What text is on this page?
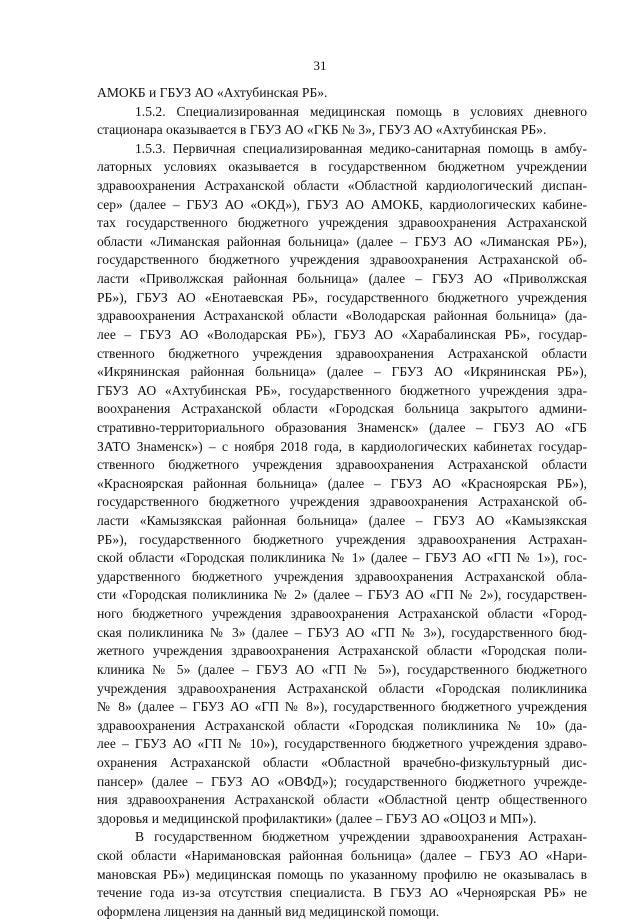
31
АМОКБ и ГБУЗ АО «Ахтубинская РБ».
1.5.2. Специализированная медицинская помощь в условиях дневного
стационара оказывается в ГБУЗ АО «ГКБ № 3», ГБУЗ АО «Ахтубинская РБ».
1.5.3. Первичная специализированная медико-санитарная помощь в амбу-
латорных условиях оказывается в государственном бюджетном учреждении
здравоохранения Астраханской области «Областной кардиологический диспан-
сер» (далее – ГБУЗ АО «ОКД»), ГБУЗ АО АМОКБ, кардиологических кабине-
тах государственного бюджетного учреждения здравоохранения Астраханской
области «Лиманская районная больница» (далее – ГБУЗ АО «Лиманская РБ»),
государственного бюджетного учреждения здравоохранения Астраханской об-
ласти «Приволжская районная больница» (далее – ГБУЗ АО «Приволжская
РБ»), ГБУЗ АО «Енотаевская РБ», государственного бюджетного учреждения
здравоохранения Астраханской области «Володарская районная больница» (да-
лее – ГБУЗ АО «Володарская РБ»), ГБУЗ АО «Харабалинская РБ», государ-
ственного бюджетного учреждения здравоохранения Астраханской области
«Икрянинская районная больница» (далее – ГБУЗ АО «Икрянинская РБ»),
ГБУЗ АО «Ахтубинская РБ», государственного бюджетного учреждения здра-
воохранения Астраханской области «Городская больница закрытого админи-
стративно-территориального образования Знаменск» (далее – ГБУЗ АО «ГБ
ЗАТО Знаменск») – с ноября 2018 года, в кардиологических кабинетах государ-
ственного бюджетного учреждения здравоохранения Астраханской области
«Красноярская районная больница» (далее – ГБУЗ АО «Красноярская РБ»),
государственного бюджетного учреждения здравоохранения Астраханской об-
ласти «Камызякская районная больница» (далее – ГБУЗ АО «Камызякская
РБ»), государственного бюджетного учреждения здравоохранения Астрахан-
ской области «Городская поликлиника № 1» (далее – ГБУЗ АО «ГП № 1»), гос-
ударственного бюджетного учреждения здравоохранения Астраханской обла-
сти «Городская поликлиника № 2» (далее – ГБУЗ АО «ГП № 2»), государствен-
ного бюджетного учреждения здравоохранения Астраханской области «Город-
ская поликлиника № 3» (далее – ГБУЗ АО «ГП № 3»), государственного бюд-
жетного учреждения здравоохранения Астраханской области «Городская поли-
клиника № 5» (далее – ГБУЗ АО «ГП № 5»), государственного бюджетного
учреждения здравоохранения Астраханской области «Городская поликлиника
№ 8» (далее – ГБУЗ АО «ГП № 8»), государственного бюджетного учреждения
здравоохранения Астраханской области «Городская поликлиника № 10» (да-
лее – ГБУЗ АО «ГП № 10»), государственного бюджетного учреждения здраво-
охранения Астраханской области «Областной врачебно-физкультурный дис-
пансер» (далее – ГБУЗ АО «ОВФД»); государственного бюджетного учрежде-
ния здравоохранения Астраханской области «Областной центр общественного
здоровья и медицинской профилактики» (далее – ГБУЗ АО «ОЦОЗ и МП»).
В государственном бюджетном учреждении здравоохранения Астрахан-
ской области «Наримановская районная больница» (далее – ГБУЗ АО «Нари-
мановская РБ») медицинская помощь по указанному профилю не оказывалась в
течение года из-за отсутствия специалиста. В ГБУЗ АО «Черноярская РБ» не
оформлена лицензия на данный вид медицинской помощи.
